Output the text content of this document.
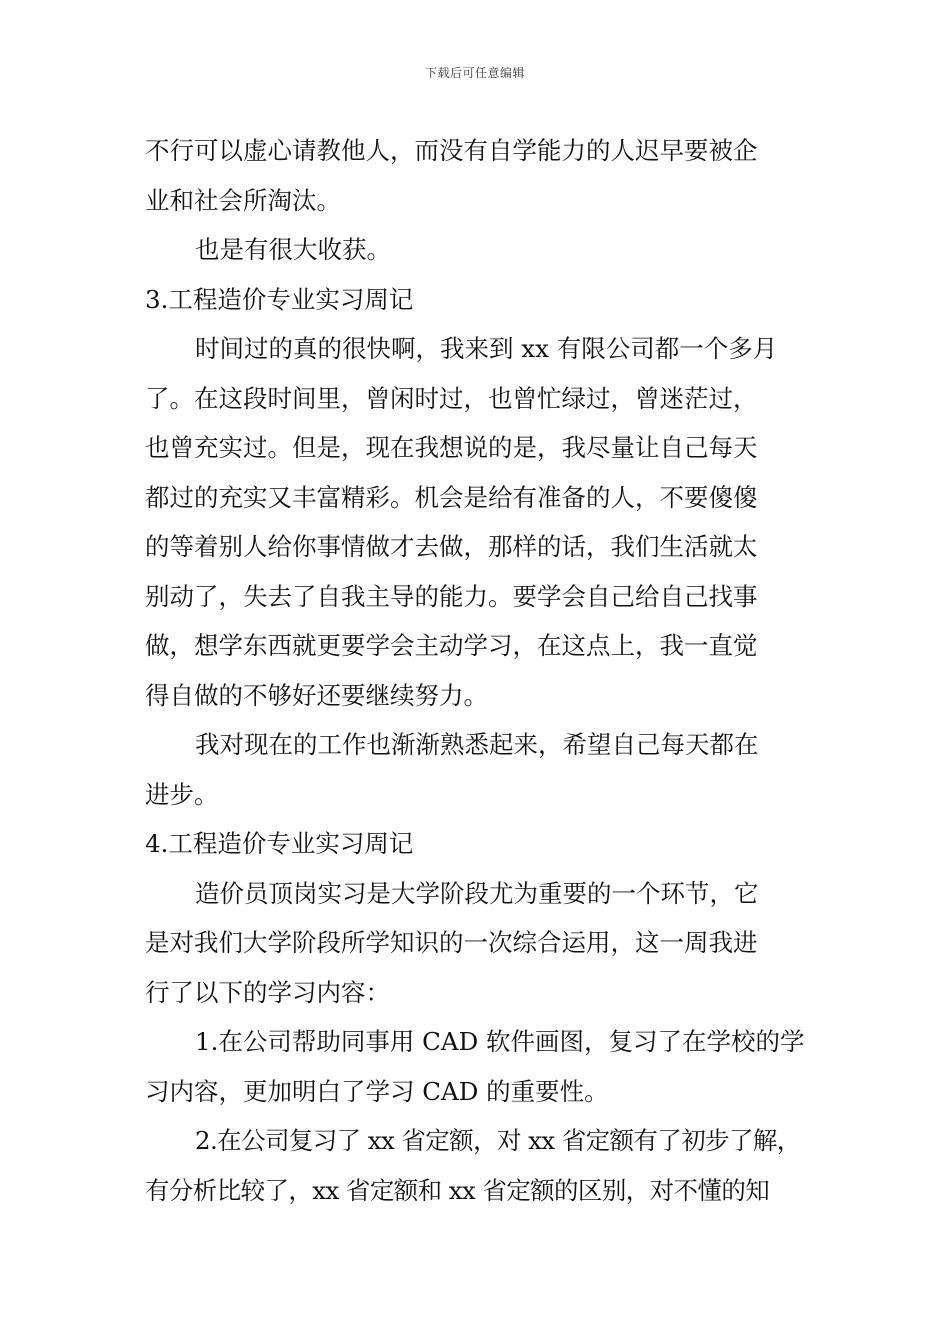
下载后可任意编辑
不行可以虚心请教他人，而没有自学能力的人迟早要被企
业和社会所淘汰。
也是有很大收获。
3.工程造价专业实习周记
时间过的真的很快啊，我来到 xx 有限公司都一个多月
了。在这段时间里，曾闲时过，也曾忙绿过，曾迷茫过，
也曾充实过。但是，现在我想说的是，我尽量让自己每天
都过的充实又丰富精彩。机会是给有准备的人，不要傻傻
的等着别人给你事情做才去做，那样的话，我们生活就太
别动了，失去了自我主导的能力。要学会自己给自己找事
做，想学东西就更要学会主动学习，在这点上，我一直觉
得自做的不够好还要继续努力。
我对现在的工作也渐渐熟悉起来，希望自己每天都在
进步。
4.工程造价专业实习周记
造价员顶岗实习是大学阶段尤为重要的一个环节，它
是对我们大学阶段所学知识的一次综合运用，这一周我进
行了以下的学习内容：
1.在公司帮助同事用 CAD 软件画图，复习了在学校的学
习内容，更加明白了学习 CAD 的重要性。
2.在公司复习了 xx 省定额，对 xx 省定额有了初步了解，
有分析比较了，xx 省定额和 xx 省定额的区别，对不懂的知
